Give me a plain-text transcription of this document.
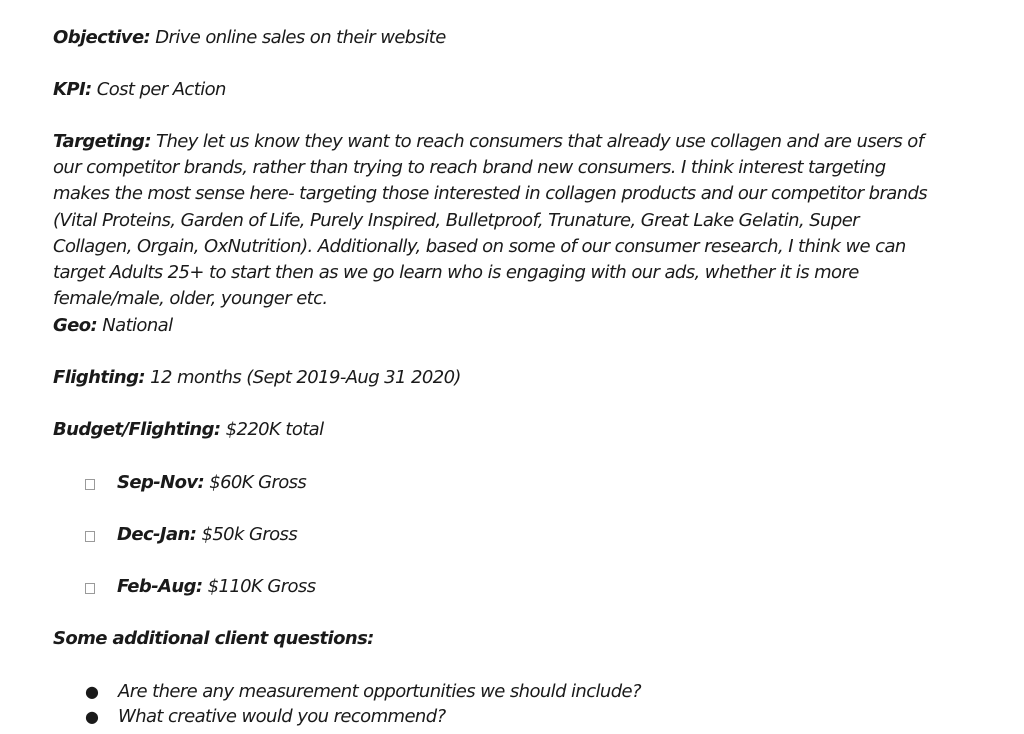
Objective: Drive online sales on their website
KPI: Cost per Action
Targeting: They let us know they want to reach consumers that already use collagen and are users of our competitor brands, rather than trying to reach brand new consumers. I think interest targeting makes the most sense here- targeting those interested in collagen products and our competitor brands (Vital Proteins, Garden of Life, Purely Inspired, Bulletproof, Trunature, Great Lake Gelatin, Super Collagen, Orgain, OxNutrition). Additionally, based on some of our consumer research, I think we can target Adults 25+ to start then as we go learn who is engaging with our ads, whether it is more female/male, older, younger etc.
Geo: National
Flighting: 12 months (Sept 2019-Aug 31 2020)
Budget/Flighting: $220K total
Sep-Nov: $60K Gross
Dec-Jan: $50k Gross
Feb-Aug: $110K Gross
Some additional client questions:
● Are there any measurement opportunities we should include?
● What creative would you recommend?
